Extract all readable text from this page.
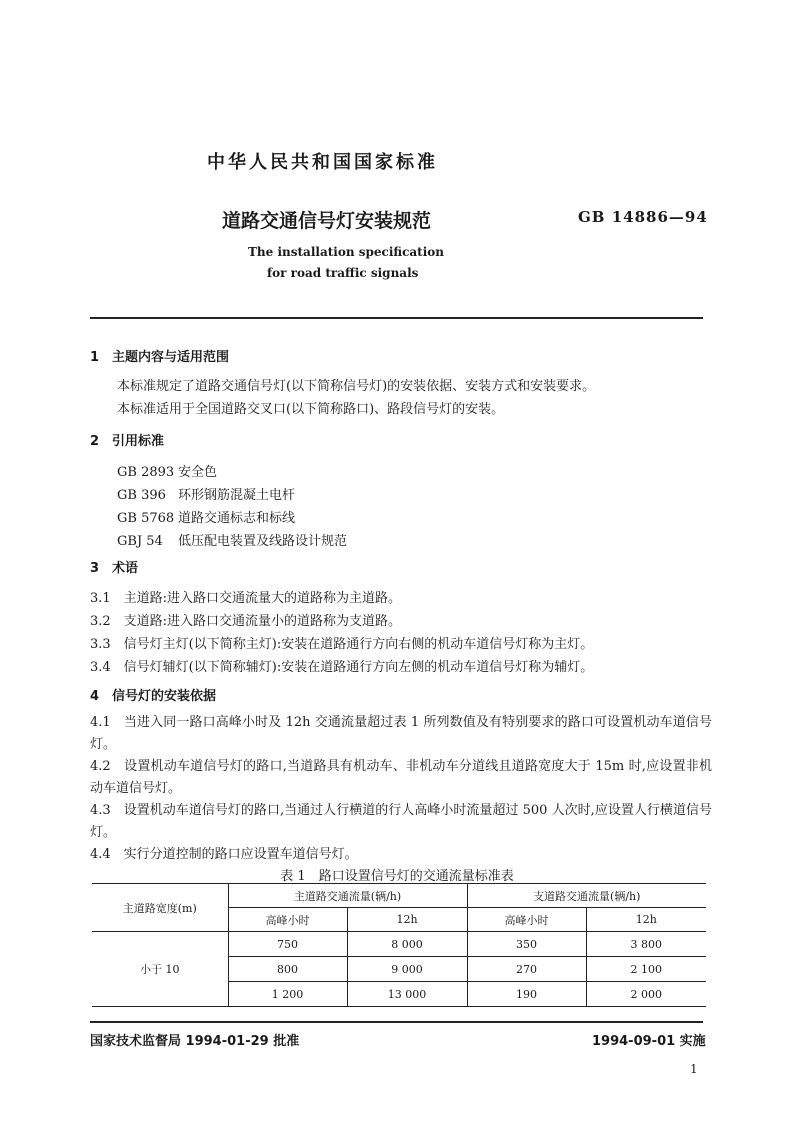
中华人民共和国国家标准
道路交通信号灯安装规范	GB 14886—94
The installation specification
for road traffic signals
1　主题内容与适用范围
本标准规定了道路交通信号灯(以下简称信号灯)的安装依据、安装方式和安装要求。
本标准适用于全国道路交叉口(以下简称路口)、路段信号灯的安装。
2　引用标准
GB 2893 安全色
GB 396 环形钢筋混凝土电杆
GB 5768 道路交通标志和标线
GBJ 54 低压配电装置及线路设计规范
3　术语
3.1　主道路:进入路口交通流量大的道路称为主道路。
3.2　支道路:进入路口交通流量小的道路称为支道路。
3.3　信号灯主灯(以下简称主灯):安装在道路通行方向右侧的机动车道信号灯称为主灯。
3.4　信号灯辅灯(以下简称辅灯):安装在道路通行方向左侧的机动车道信号灯称为辅灯。
4　信号灯的安装依据
4.1　当进入同一路口高峰小时及 12h 交通流量超过表 1 所列数值及有特别要求的路口可设置机动车道信号灯。
4.2　设置机动车道信号灯的路口,当道路具有机动车、非机动车分道线且道路宽度大于 15m 时,应设置非机动车道信号灯。
4.3　设置机动车道信号灯的路口,当通过人行横道的行人高峰小时流量超过 500 人次时,应设置人行横道信号灯。
4.4　实行分道控制的路口应设置车道信号灯。
表 1　路口设置信号灯的交通流量标准表
主道路宽度(m)	主道路交通流量(辆/h)		支道路交通流量(辆/h)	
	高峰小时	12h	高峰小时	12h
小于 10	750	8 000	350	3 800
	800	9 000	270	2 100
	1 200	13 000	190	2 000
国家技术监督局 1994-01-29 批准	1994-09-01 实施
1
